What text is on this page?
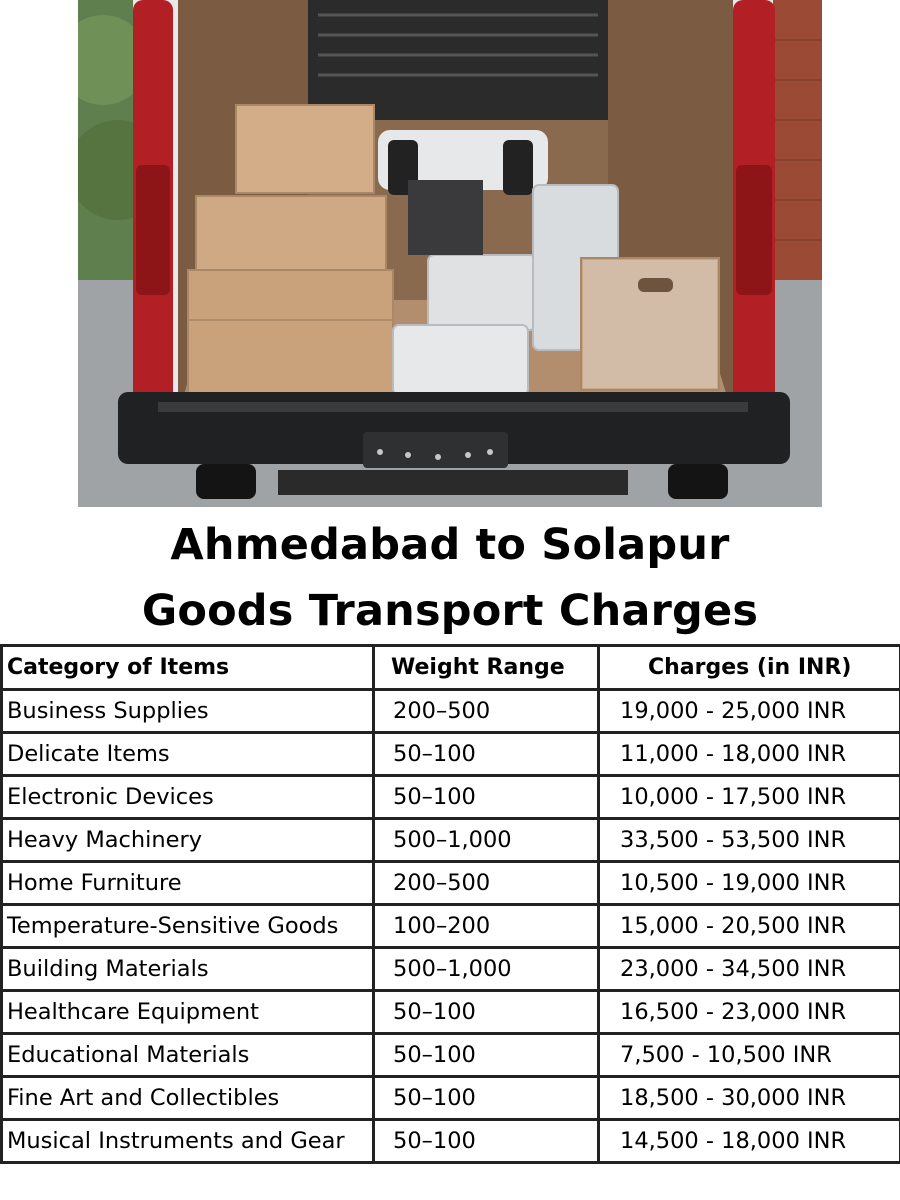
Ahmedabad to Solapur
Goods Transport Charges
Category of Items	Weight Range	Charges (in INR)
Business Supplies	200–500	19,000 - 25,000 INR
Delicate Items	50–100	11,000 - 18,000 INR
Electronic Devices	50–100	10,000 - 17,500 INR
Heavy Machinery	500–1,000	33,500 - 53,500 INR
Home Furniture	200–500	10,500 - 19,000 INR
Temperature-Sensitive Goods	100–200	15,000 - 20,500 INR
Building Materials	500–1,000	23,000 - 34,500 INR
Healthcare Equipment	50–100	16,500 - 23,000 INR
Educational Materials	50–100	7,500 - 10,500 INR
Fine Art and Collectibles	50–100	18,500 - 30,000 INR
Musical Instruments and Gear	50–100	14,500 - 18,000 INR
